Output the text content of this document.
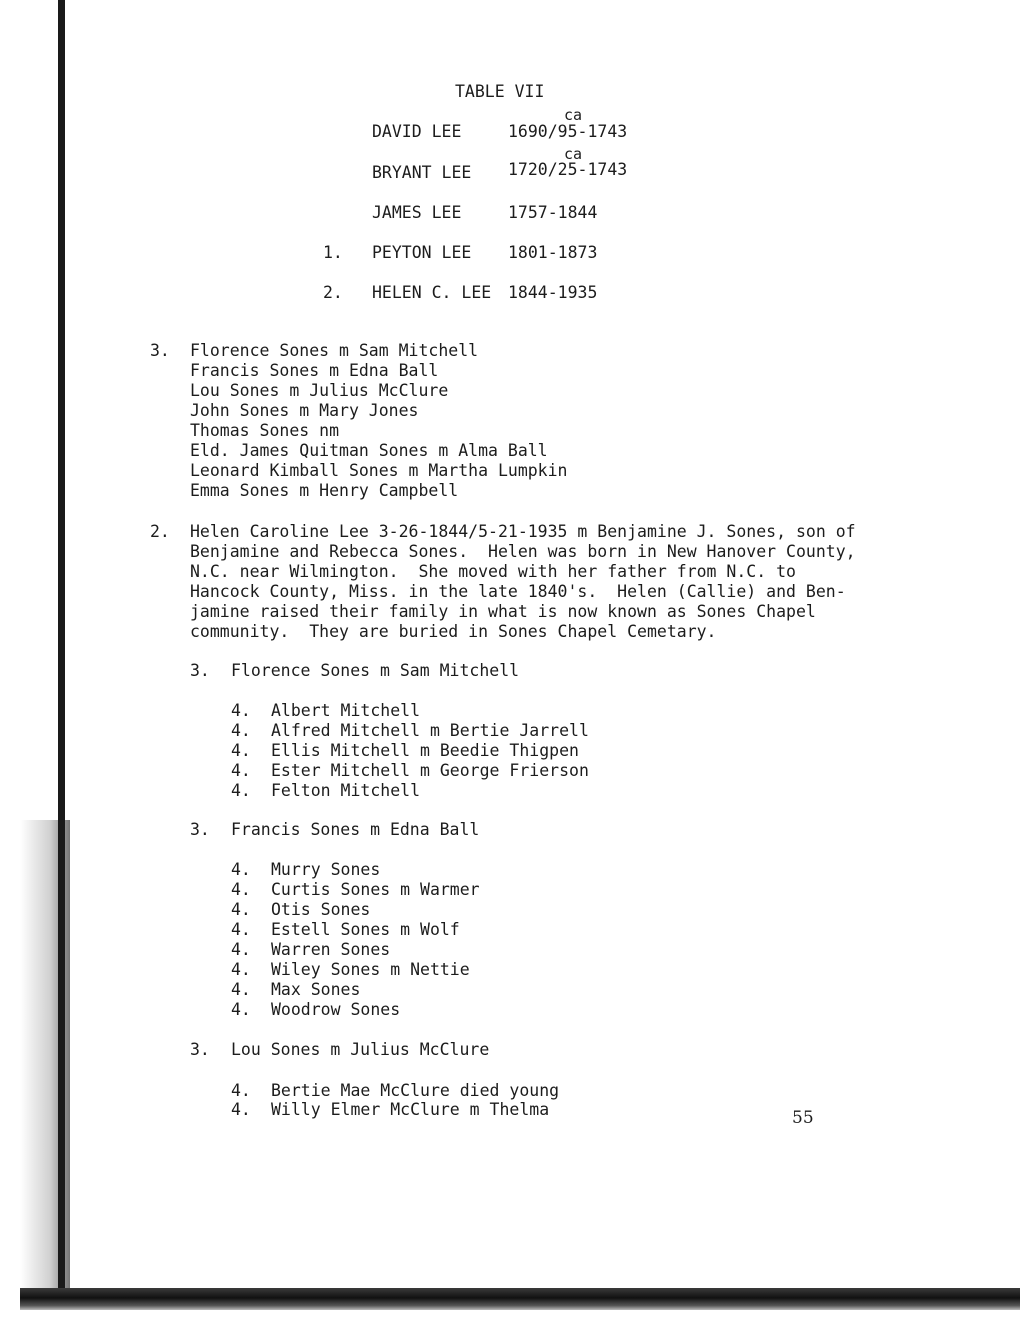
TABLE VII
ca
DAVID LEE	1690/95-1743
ca
BRYANT LEE 1720/25-1743
JAMES LEE	1757-1844
1. PEYTON LEE 1801-1873
2. HELEN C. LEE 1844-1935
3. Florence Sones m Sam Mitchell
Francis Sones m Edna Ball
Lou Sones m Julius McClure
John Sones m Mary Jones
Thomas Sones nm
Eld. James Quitman Sones m Alma Ball
Leonard Kimball Sones m Martha Lumpkin
Emma Sones m Henry Campbell
2. Helen Caroline Lee 3-26-1844/5-21-1935 m Benjamine J. Sones, son of
Benjamine and Rebecca Sones.  Helen was born in New Hanover County,
N.C. near Wilmington.  She moved with her father from N.C. to
Hancock County, Miss. in the late 1840's.  Helen (Callie) and Ben-
jamine raised their family in what is now known as Sones Chapel
community.  They are buried in Sones Chapel Cemetary.
3. Florence Sones m Sam Mitchell
4. Albert Mitchell
4. Alfred Mitchell m Bertie Jarrell
4. Ellis Mitchell m Beedie Thigpen
4. Ester Mitchell m George Frierson
4. Felton Mitchell
3. Francis Sones m Edna Ball
4. Murry Sones
4. Curtis Sones m Warmer
4. Otis Sones
4. Estell Sones m Wolf
4. Warren Sones
4. Wiley Sones m Nettie
4. Max Sones
4. Woodrow Sones
3. Lou Sones m Julius McClure
4. Bertie Mae McClure died young
4. Willy Elmer McClure m Thelma	55
